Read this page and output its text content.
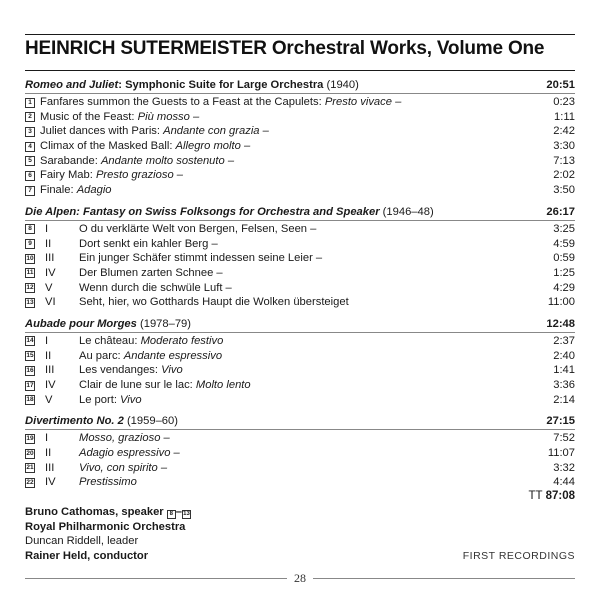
HEINRICH SUTERMEISTER Orchestral Works, Volume One
Romeo and Juliet: Symphonic Suite for Large Orchestra (1940)	20:51
1 Fanfares summon the Guests to a Feast at the Capulets: Presto vivace –	0:23
2 Music of the Feast: Più mosso –	1:11
3 Juliet dances with Paris: Andante con grazia –	2:42
4 Climax of the Masked Ball: Allegro molto –	3:30
5 Sarabande: Andante molto sostenuto –	7:13
6 Fairy Mab: Presto grazioso –	2:02
7 Finale: Adagio	3:50
Die Alpen: Fantasy on Swiss Folksongs for Orchestra and Speaker (1946–48)	26:17
8 I	O du verklärte Welt von Bergen, Felsen, Seen –	3:25
9 II Dort senkt ein kahler Berg –	4:59
10 III Ein junger Schäfer stimmt indessen seine Leier –	0:59
11 IV Der Blumen zarten Schnee –	1:25
12 V Wenn durch die schwüle Luft –	4:29
13 VI Seht, hier, wo Gotthards Haupt die Wolken übersteiget	11:00
Aubade pour Morges (1978–79)	12:48
14 I	Le château: Moderato festivo	2:37
15 II Au parc: Andante espressivo	2:40
16 III Les vendanges: Vivo	1:41
17 IV Clair de lune sur le lac: Molto lento	3:36
18 V Le port: Vivo	2:14
Divertimento No. 2 (1959–60)	27:15
19 I	Mosso, grazioso –	7:52
20 II Adagio espressivo –	11:07
21 III Vivo, con spirito –	3:32
22 IV Prestissimo	4:44
TT 87:08
Bruno Cathomas, speaker 8 –13
Royal Philharmonic Orchestra
Duncan Riddell, leader
Rainer Held, conductor	FIRST RECORDINGS
28
